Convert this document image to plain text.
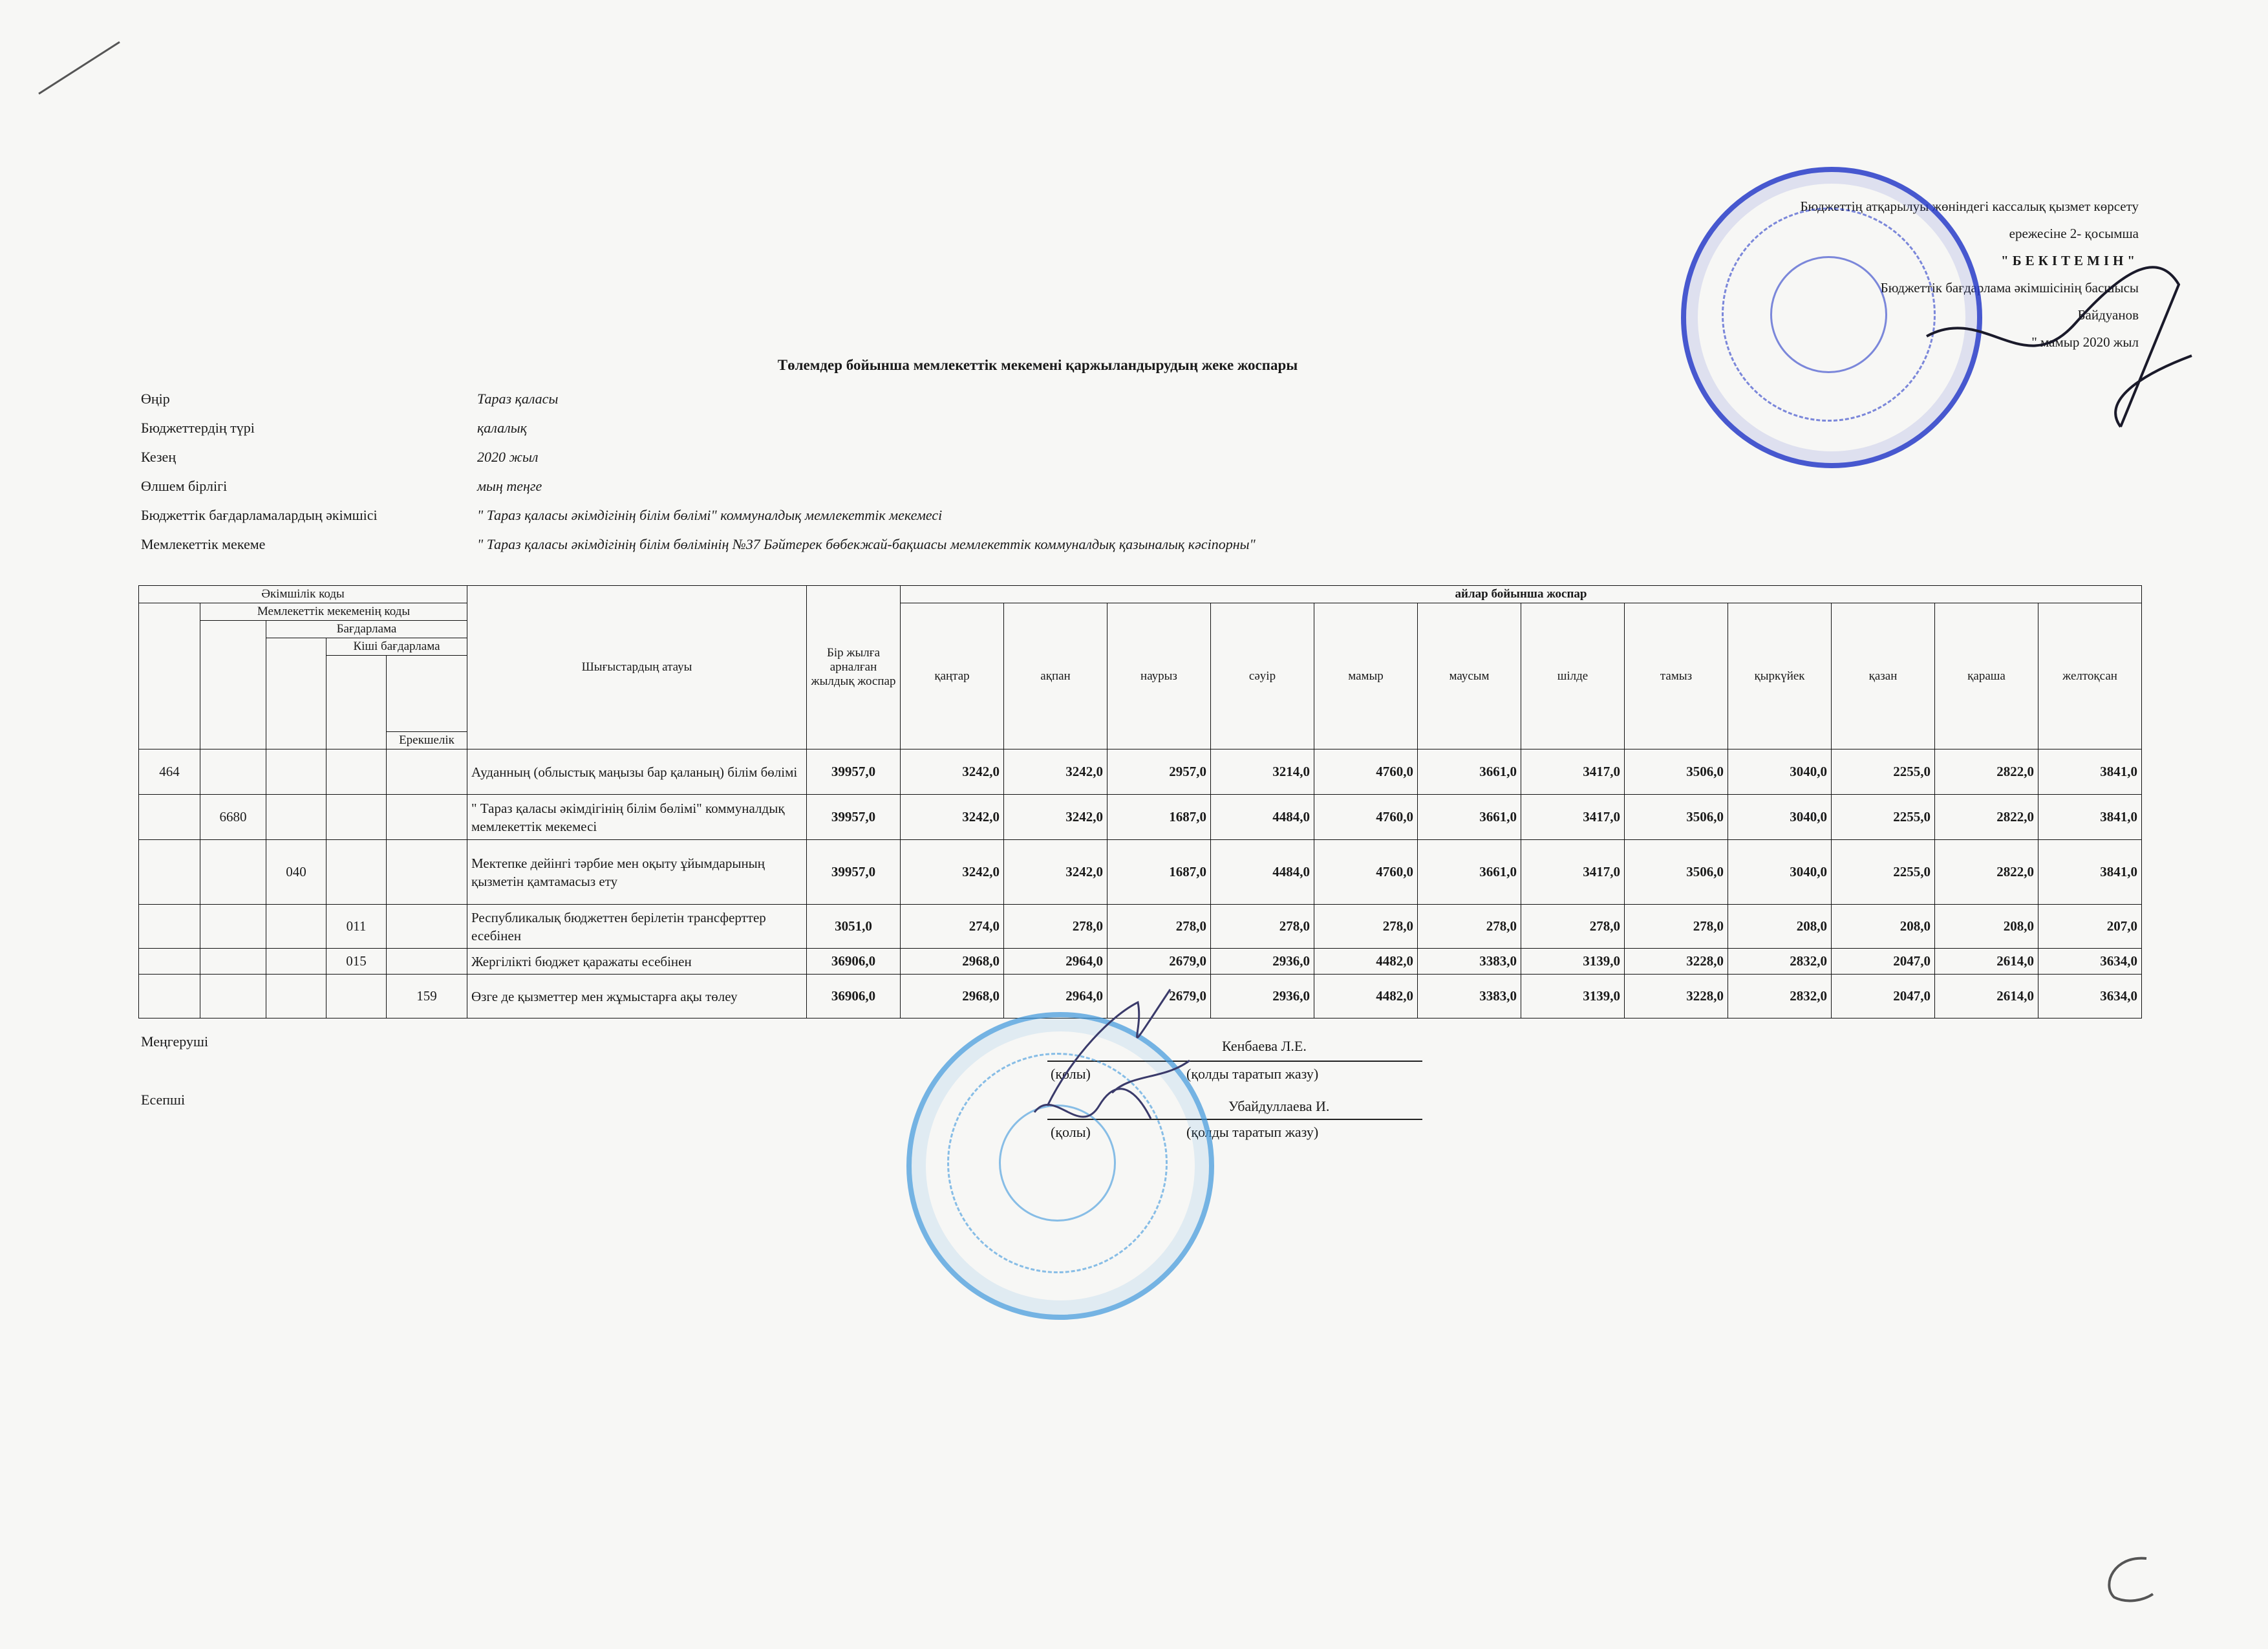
Бюджеттің атқарылуы жөніндегі кассалық қызмет көрсету
ережесіне 2- қосымша
"БЕКІТЕМІН"
Бюджеттік бағдарлама әкімшісінің басшысы
Байдуанов
" мамыр 2020 жыл
Төлемдер бойынша мемлекеттік мекемені қаржыландырудың жеке жоспары
Өңір	Тараз қаласы
Бюджеттердің түрі	қалалық
Кезең	2020 жыл
Өлшем бірлігі	мың теңге
Бюджеттік бағдарламалардың әкімшісі	" Тараз қаласы әкімдігінің білім бөлімі" коммуналдық мемлекеттік мекемесі
Мемлекеттік мекеме	" Тараз қаласы әкімдігінің білім бөлімінің №37 Бәйтерек бөбекжай-бақшасы мемлекеттік коммуналдық қазыналық кәсіпорны"
Әкімшілік коды					Шығыстардың атауы	Бір жылға арналған жылдық жоспар	айлар бойынша жоспар											
	Мемлекеттік мекеменің коды						қаңтар	ақпан	наурыз	сәуір	мамыр	маусым	шілде	тамыз	қыркүйек	қазан	қараша	желтоқсан
		Бағдарлама																
			Кіші бағдарлама															

				Ерекшелік														
464					Ауданның (облыстық маңызы бар қаланың) білім бөлімі	39957,0	3242,0	3242,0	2957,0	3214,0	4760,0	3661,0	3417,0	3506,0	3040,0	2255,0	2822,0	3841,0
	6680				" Тараз қаласы әкімдігінің білім бөлімі" коммуналдық мемлекеттік мекемесі	39957,0	3242,0	3242,0	1687,0	4484,0	4760,0	3661,0	3417,0	3506,0	3040,0	2255,0	2822,0	3841,0
		040			Мектепке дейінгі тәрбие мен оқыту ұйымдарының қызметін қамтамасыз ету	39957,0	3242,0	3242,0	1687,0	4484,0	4760,0	3661,0	3417,0	3506,0	3040,0	2255,0	2822,0	3841,0
			011		Республикалық бюджеттен берілетін трансферттер есебінен	3051,0	274,0	278,0	278,0	278,0	278,0	278,0	278,0	278,0	208,0	208,0	208,0	207,0
			015		Жергілікті бюджет қаражаты есебінен	36906,0	2968,0	2964,0	2679,0	2936,0	4482,0	3383,0	3139,0	3228,0	2832,0	2047,0	2614,0	3634,0
				159	Өзге де қызметтер мен жұмыстарға ақы төлеу	36906,0	2968,0	2964,0	2679,0	2936,0	4482,0	3383,0	3139,0	3228,0	2832,0	2047,0	2614,0	3634,0
Меңгеруші	Кенбаева Л.Е.
(қолы)	(қолды таратып жазу)
Есепші	Убайдуллаева И.
(қолы)	(қолды таратып жазу)
